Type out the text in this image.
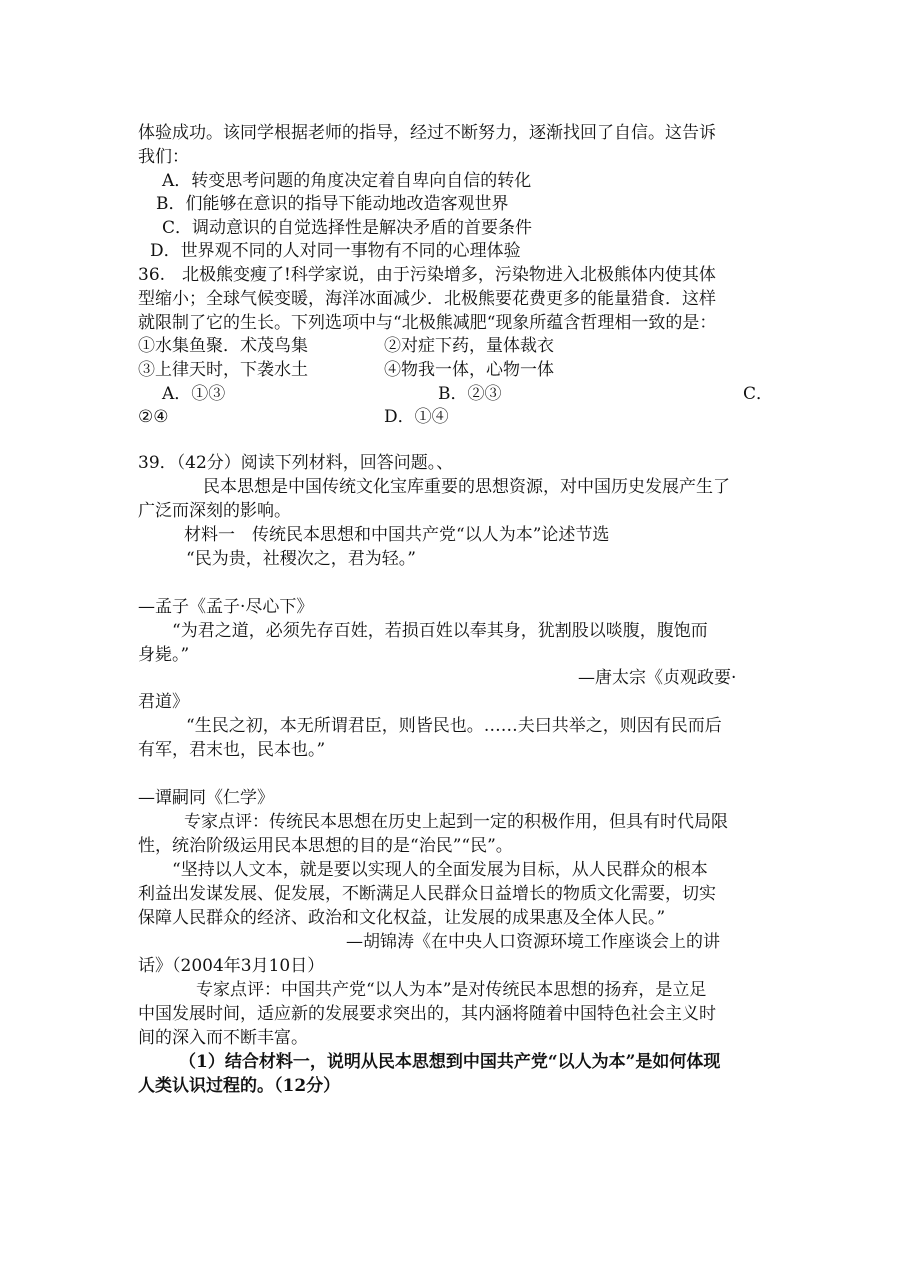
体验成功。该同学根据老师的指导，经过不断努力，逐渐找回了自信。这告诉
我们：
A．转变思考问题的角度决定着自卑向自信的转化
B．们能够在意识的指导下能动地改造客观世界
C．调动意识的自觉选择性是解决矛盾的首要条件
D．世界观不同的人对同一事物有不同的心理体验
36.　北极熊变瘦了!科学家说，由于污染增多，污染物进入北极熊体内使其体
型缩小；全球气候变暖，海洋冰面减少．北极熊要花费更多的能量猎食．这样
就限制了它的生长。下列选项中与“北极熊减肥“现象所蕴含哲理相一致的是：
①水集鱼聚．术茂鸟集	②对症下药，量体裁衣
③上律天时，下袭水土	④物我一体，心物一体
A．①③	B．②③	C．
②④	D．①④
39．（42分）阅读下列材料，回答问题。、
民本思想是中国传统文化宝库重要的思想资源，对中国历史发展产生了
广泛而深刻的影响。
材料一　传统民本思想和中国共产党“以人为本”论述节选
“民为贵，社稷次之，君为轻。”
—孟子《孟子·尽心下》
“为君之道，必须先存百姓，若损百姓以奉其身，犹割股以啖腹，腹饱而
身毙。”
—唐太宗《贞观政要·
君道》
“生民之初，本无所谓君臣，则皆民也。……夫曰共举之，则因有民而后
有军，君末也，民本也。”
—谭嗣同《仁学》
专家点评：传统民本思想在历史上起到一定的积极作用，但具有时代局限
性，统治阶级运用民本思想的目的是“治民”“民”。
“坚持以人文本，就是要以实现人的全面发展为目标，从人民群众的根本
利益出发谋发展、促发展，不断满足人民群众日益增长的物质文化需要，切实
保障人民群众的经济、政治和文化权益，让发展的成果惠及全体人民。”
—胡锦涛《在中央人口资源环境工作座谈会上的讲
话》（2004年3月10日）
专家点评：中国共产党“以人为本”是对传统民本思想的扬弃，是立足
中国发展时间，适应新的发展要求突出的，其内涵将随着中国特色社会主义时
间的深入而不断丰富。
（1）结合材料一，说明从民本思想到中国共产党“以人为本”是如何体现
人类认识过程的。（12分）
